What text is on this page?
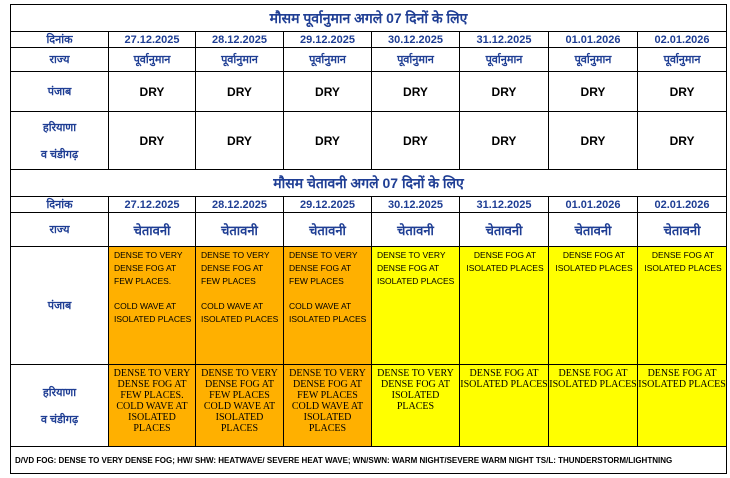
मौसम पूर्वानुमान अगले 07 दिनों के लिए							
दिनांक	27.12.2025	28.12.2025	29.12.2025	30.12.2025	31.12.2025	01.01.2026	02.01.2026
राज्य	पूर्वानुमान	पूर्वानुमान	पूर्वानुमान	पूर्वानुमान	पूर्वानुमान	पूर्वानुमान	पूर्वानुमान
पंजाब	DRY	DRY	DRY	DRY	DRY	DRY	DRY

हरियाणा
व चंडीगढ़	DRY	DRY	DRY	DRY	DRY	DRY	DRY
मौसम चेतावनी अगले 07 दिनों के लिए							
दिनांक	27.12.2025	28.12.2025	29.12.2025	30.12.2025	31.12.2025	01.01.2026	02.01.2026
राज्य	चेतावनी	चेतावनी	चेतावनी	चेतावनी	चेतावनी	चेतावनी	चेतावनी
पंजाब	DENSE TO VERY DENSE FOG AT FEW PLACES.
COLD WAVE AT ISOLATED PLACES	DENSE TO VERY DENSE FOG AT FEW PLACES
COLD WAVE AT ISOLATED PLACES	DENSE TO VERY DENSE FOG AT FEW PLACES
COLD WAVE AT ISOLATED PLACES	DENSE TO VERY DENSE FOG AT ISOLATED PLACES	DENSE FOG AT ISOLATED PLACES	DENSE FOG AT ISOLATED PLACES	DENSE FOG AT ISOLATED PLACES

हरियाणा
व चंडीगढ़	DENSE TO VERY DENSE FOG AT FEW PLACES. COLD WAVE AT ISOLATED PLACES	DENSE TO VERY DENSE FOG AT FEW PLACES COLD WAVE AT ISOLATED PLACES	DENSE TO VERY DENSE FOG AT FEW PLACES COLD WAVE AT ISOLATED PLACES	DENSE TO VERY DENSE FOG AT ISOLATED PLACES	DENSE FOG AT ISOLATED PLACES	DENSE FOG AT ISOLATED PLACES	DENSE FOG AT ISOLATED PLACES
D/VD FOG: DENSE TO VERY DENSE FOG; HW/ SHW: HEATWAVE/ SEVERE HEAT WAVE; WN/SWN: WARM NIGHT/SEVERE WARM NIGHT TS/L: THUNDERSTORM/LIGHTNING							
